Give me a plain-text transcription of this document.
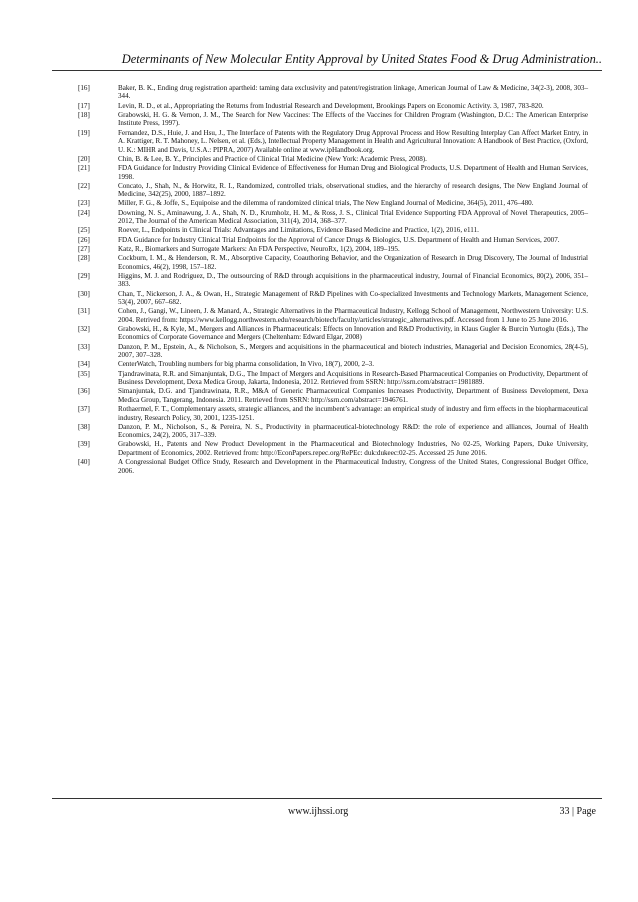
Determinants of New Molecular Entity Approval by United States Food & Drug Administration..
[16]	Baker, B. K., Ending drug registration apartheid: taming data exclusivity and patent/registration linkage, American Journal of Law & Medicine, 34(2-3), 2008, 303–344.
[17]	Levin, R. D., et al., Appropriating the Returns from Industrial Research and Development, Brookings Papers on Economic Activity. 3, 1987, 783-820.
[18]	Grabowski, H. G. & Vernon, J. M., The Search for New Vaccines: The Effects of the Vaccines for Children Program (Washington, D.C.: The American Enterprise Institute Press, 1997).
[19]	Fernandez, D.S., Huie, J. and Hsu, J., The Interface of Patents with the Regulatory Drug Approval Process and How Resulting Interplay Can Affect Market Entry, in A. Krattiger, R. T. Mahoney, L. Nelsen, et al. (Eds.), Intellectual Property Management in Health and Agricultural Innovation: A Handbook of Best Practice, (Oxford, U. K.: MIHR and Davis, U.S.A.: PIPRA, 2007) Available online at www.ipHandbook.org.
[20]	Chin, B. & Lee, B. Y., Principles and Practice of Clinical Trial Medicine (New York: Academic Press, 2008).
[21]	FDA Guidance for Industry Providing Clinical Evidence of Effectiveness for Human Drug and Biological Products, U.S. Department of Health and Human Services, 1998.
[22]	Concato, J., Shah, N., & Horwitz, R. I., Randomized, controlled trials, observational studies, and the hierarchy of research designs, The New England Journal of Medicine, 342(25), 2000, 1887–1892.
[23]	Miller, F. G., & Joffe, S., Equipoise and the dilemma of randomized clinical trials, The New England Journal of Medicine, 364(5), 2011, 476–480.
[24]	Downing, N. S., Aminawung, J. A., Shah, N. D., Krumholz, H. M., & Ross, J. S., Clinical Trial Evidence Supporting FDA Approval of Novel Therapeutics, 2005–2012, The Journal of the American Medical Association, 311(4), 2014, 368–377.
[25]	Roever, L., Endpoints in Clinical Trials: Advantages and Limitations, Evidence Based Medicine and Practice, 1(2), 2016, e111.
[26]	FDA Guidance for Industry Clinical Trial Endpoints for the Approval of Cancer Drugs & Biologics, U.S. Department of Health and Human Services, 2007.
[27]	Katz, R., Biomarkers and Surrogate Markers: An FDA Perspective, NeuroRx, 1(2), 2004, 189–195.
[28]	Cockburn, I. M., & Henderson, R. M., Absorptive Capacity, Coauthoring Behavior, and the Organization of Research in Drug Discovery, The Journal of Industrial Economics, 46(2), 1998, 157–182.
[29]	Higgins, M. J. and Rodriguez, D., The outsourcing of R&D through acquisitions in the pharmaceutical industry, Journal of Financial Economics, 80(2), 2006, 351–383.
[30]	Chan, T., Nickerson, J. A., & Owan, H., Strategic Management of R&D Pipelines with Co-specialized Investments and Technology Markets, Management Science, 53(4), 2007, 667–682.
[31]	Cohen, J., Gangi, W., Lineen, J. & Manard, A., Strategic Alternatives in the Pharmaceutical Industry, Kellogg School of Management, Northwestern University: U.S. 2004. Retrived from: https://www.kellogg.northwestern.edu/research/biotech/faculty/articles/strategic_alternatives.pdf. Accessed from 1 June to 25 June 2016.
[32]	Grabowski, H., & Kyle, M., Mergers and Alliances in Pharmaceuticals: Effects on Innovation and R&D Productivity, in Klaus Gugler & Burcin Yurtoglu (Eds.), The Economics of Corporate Governance and Mergers (Cheltenham: Edward Elgar, 2008)
[33]	Danzon, P. M., Epstein, A., & Nicholson, S., Mergers and acquisitions in the pharmaceutical and biotech industries, Managerial and Decision Economics, 28(4-5), 2007, 307–328.
[34]	CenterWatch, Troubling numbers for big pharma consolidation, In Vivo, 18(7), 2000, 2–3.
[35]	Tjandrawinata, R.R. and Simanjuntak, D.G., The Impact of Mergers and Acquisitions in Research-Based Pharmaceutical Companies on Productivity, Department of Business Development, Dexa Medica Group, Jakarta, Indonesia, 2012. Retrieved from SSRN: http://ssrn.com/abstract=1981889.
[36]	Simanjuntak, D.G. and Tjandrawinata, R.R., M&A of Generic Pharmaceutical Companies Increases Productivity, Department of Business Development, Dexa Medica Group, Tangerang, Indonesia. 2011. Retrieved from SSRN: http://ssrn.com/abstract=1946761.
[37]	Rothaermel, F. T., Complementary assets, strategic alliances, and the incumbent’s advantage: an empirical study of industry and firm effects in the biopharmaceutical industry, Research Policy, 30, 2001, 1235-1251.
[38]	Danzon, P. M., Nicholson, S., & Pereira, N. S., Productivity in pharmaceutical-biotechnology R&D: the role of experience and alliances, Journal of Health Economics, 24(2), 2005, 317–339.
[39]	Grabowski, H., Patents and New Product Development in the Pharmaceutical and Biotechnology Industries, No 02-25, Working Papers, Duke University, Department of Economics, 2002. Retrieved from: http://EconPapers.repec.org/RePEc: duk:dukeec:02-25. Accessed 25 June 2016.
[40]	A Congressional Budget Office Study, Research and Development in the Pharmaceutical Industry, Congress of the United States, Congressional Budget Office, 2006.
www.ijhssi.org	33 | Page
